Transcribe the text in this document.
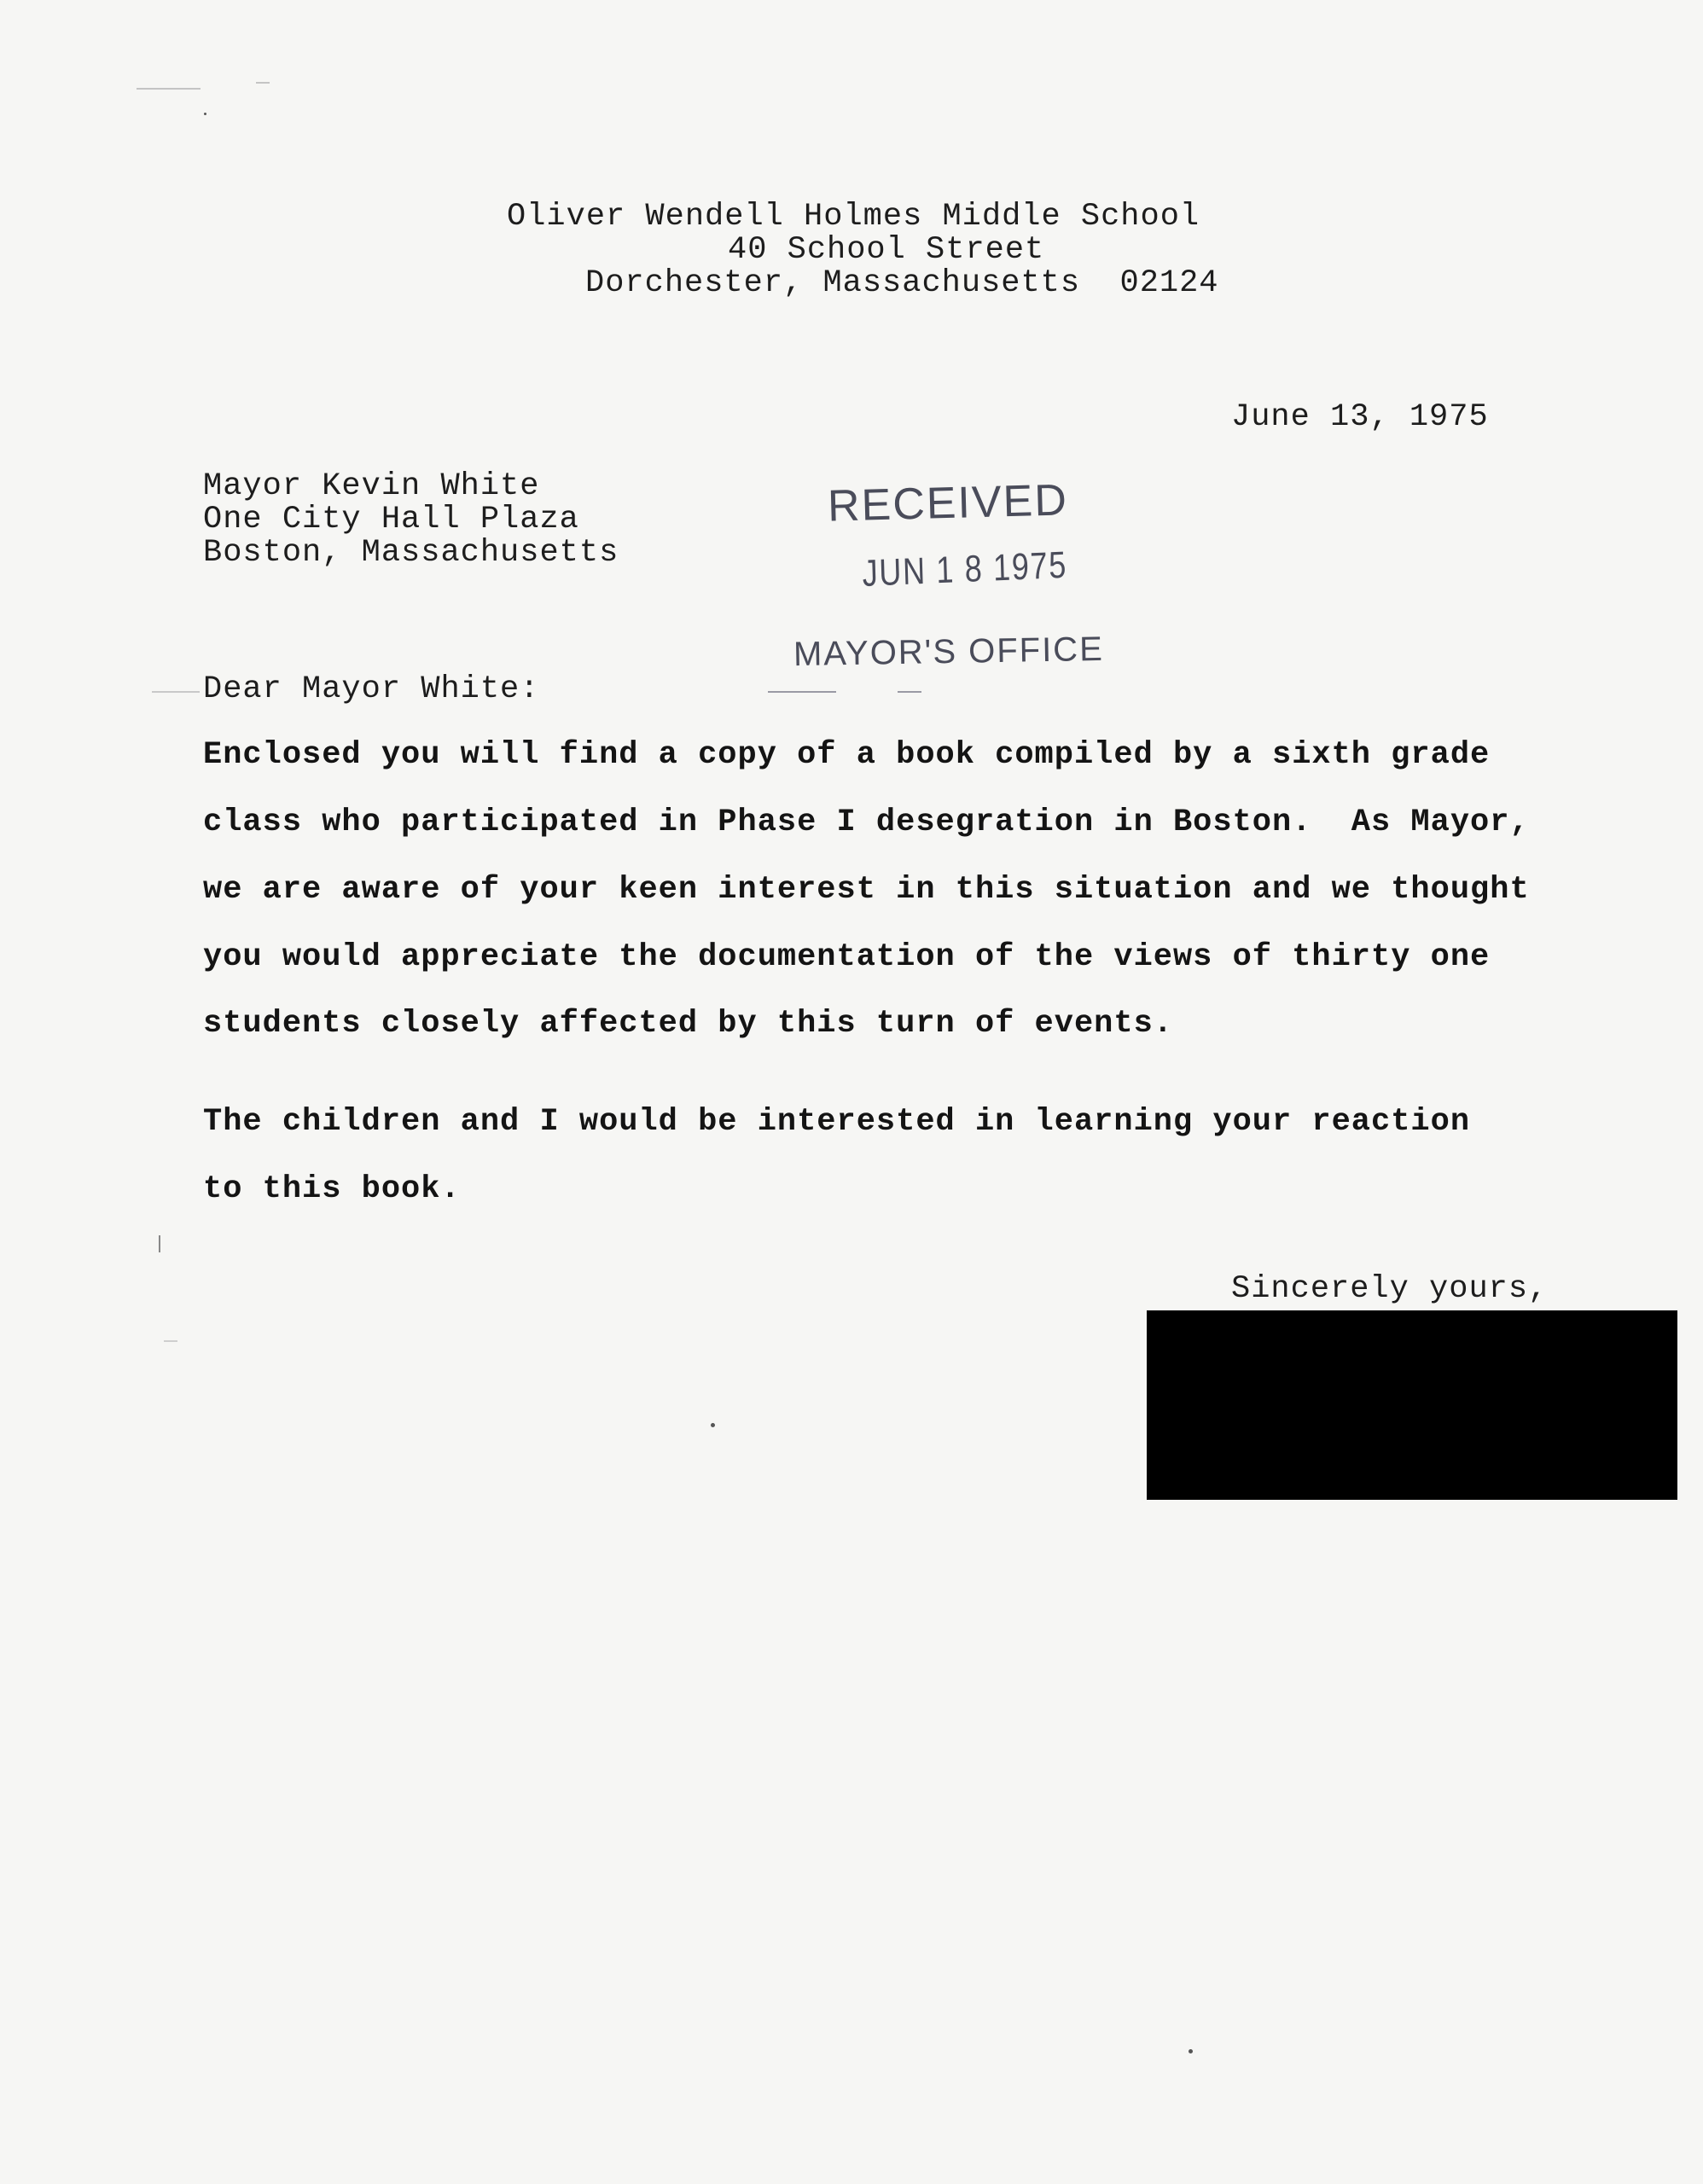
Oliver Wendell Holmes Middle School

40 School Street

Dorchester, Massachusetts  02124

June 13, 1975

Mayor Kevin White

One City Hall Plaza

Boston, Massachusetts

RECEIVED

JUN 1 8 1975

MAYOR'S OFFICE

Dear Mayor White:

Enclosed you will find a copy of a book compiled by a sixth grade

class who participated in Phase I desegration in Boston.  As Mayor,

we are aware of your keen interest in this situation and we thought

you would appreciate the documentation of the views of thirty one

students closely affected by this turn of events.

The children and I would be interested in learning your reaction

to this book.

Sincerely yours,
